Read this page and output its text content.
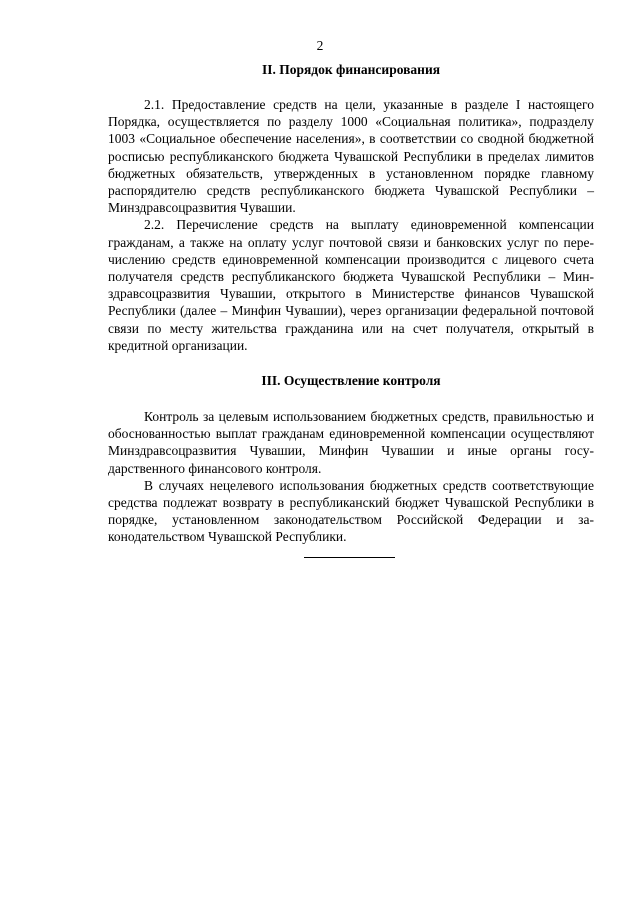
2

II. Порядок финансирования

2.1. Предоставление средств на цели, указанные в разделе I настоящего Порядка, осуществляется по разделу 1000 «Социальная политика», подразделу 1003 «Социальное обеспечение населения», в соответствии со сводной бюджетной росписью республиканского бюджета Чувашской Республики в пределах лимитов бюджетных обязательств, утвержденных в установленном порядке главному распорядителю средств республиканского бюджета Чувашской Республики – Минздравсоцразвития Чувашии.

2.2. Перечисление средств на выплату единовременной компенсации гражданам, а также на оплату услуг почтовой связи и банковских услуг по перечислению средств единовременной компенсации производится с лицевого счета получателя средств республиканского бюджета Чувашской Республики – Минздравсоцразвития Чувашии, открытого в Министерстве финансов Чувашской Республики (далее – Минфин Чувашии), через организации федеральной почтовой связи по месту жительства гражданина или на счет получателя, открытый в кредитной организации.

III. Осуществление контроля

Контроль за целевым использованием бюджетных средств, правильностью и обоснованностью выплат гражданам единовременной компенсации осуществляют Минздравсоцразвития Чувашии, Минфин Чувашии и иные органы государственного финансового контроля.

В случаях нецелевого использования бюджетных средств соответствующие средства подлежат возврату в республиканский бюджет Чувашской Республики в порядке, установленном законодательством Российской Федерации и законодательством Чувашской Республики.
